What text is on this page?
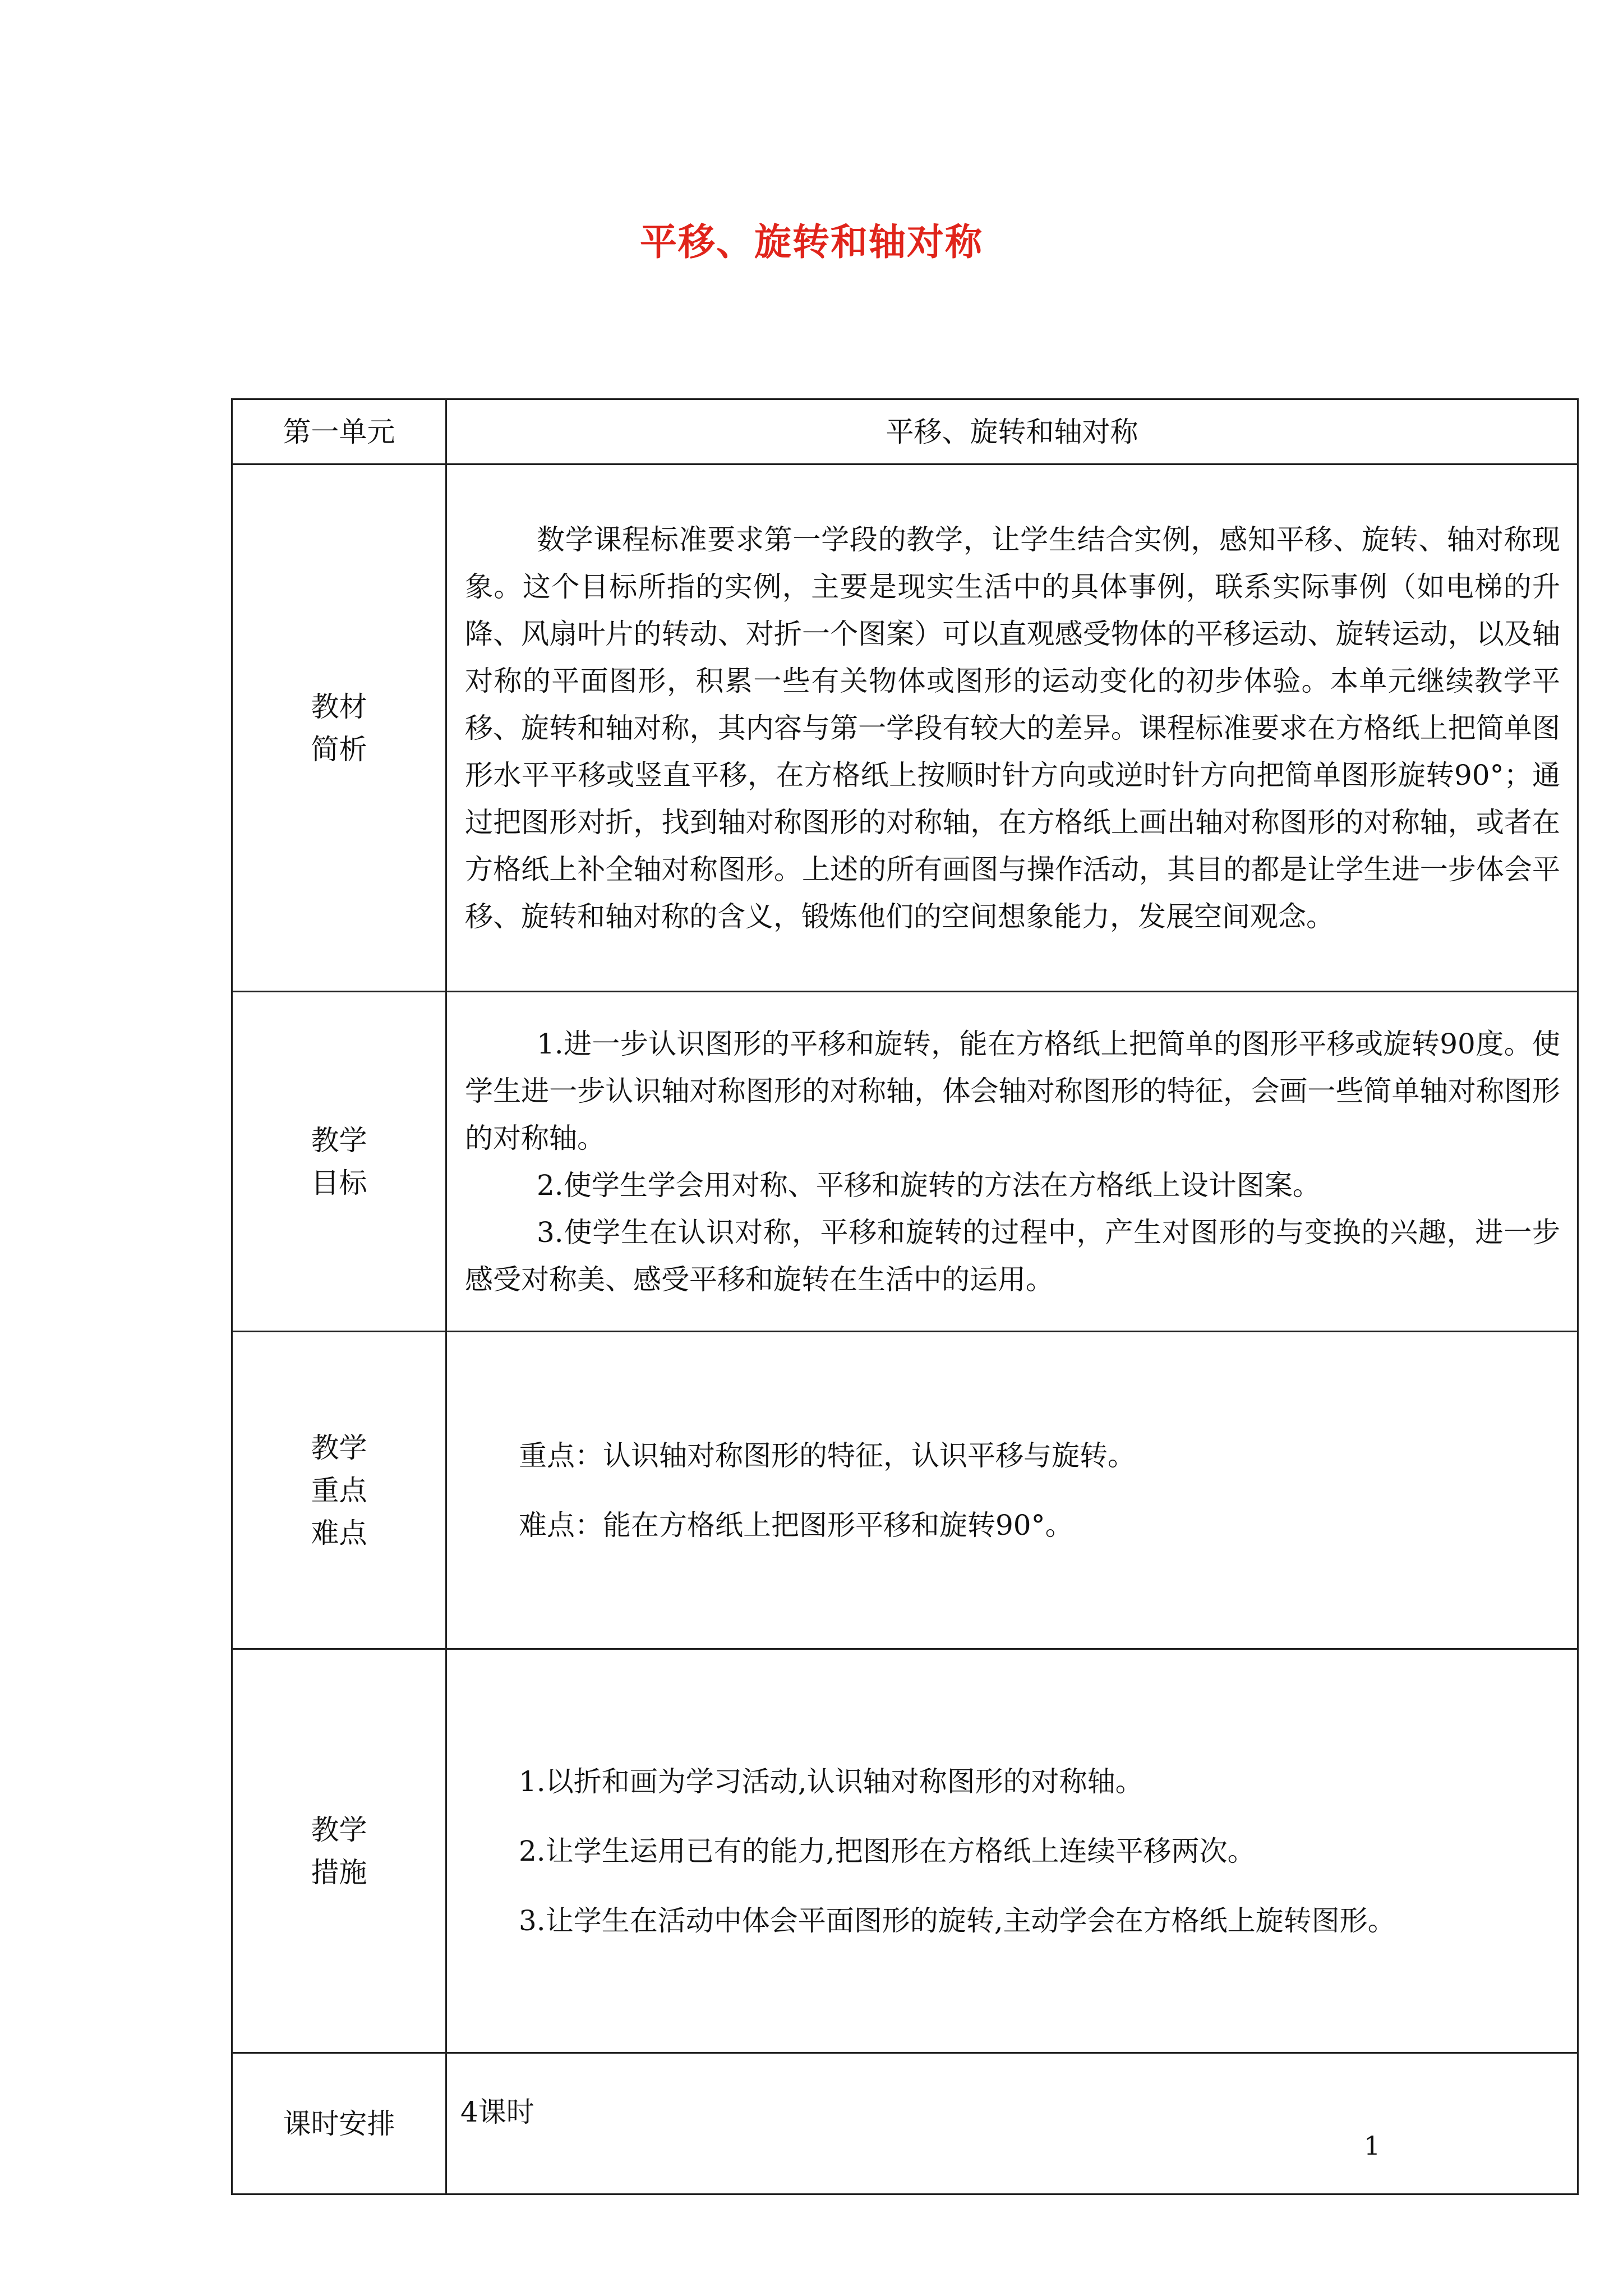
平移、旋转和轴对称
第一单元	平移、旋转和轴对称

教材简析	数学课程标准要求第一学段的教学，让学生结合实例，感知平移、旋转、轴对称现象。这个目标所指的实例，主要是现实生活中的具体事例，联系实际事例（如电梯的升降、风扇叶片的转动、对折一个图案）可以直观感受物体的平移运动、旋转运动，以及轴对称的平面图形，积累一些有关物体或图形的运动变化的初步体验。本单元继续教学平移、旋转和轴对称，其内容与第一学段有较大的差异。课程标准要求在方格纸上把简单图形水平平移或竖直平移，在方格纸上按顺时针方向或逆时针方向把简单图形旋转90°；通过把图形对折，找到轴对称图形的对称轴，在方格纸上画出轴对称图形的对称轴，或者在方格纸上补全轴对称图形。上述的所有画图与操作活动，其目的都是让学生进一步体会平移、旋转和轴对称的含义，锻炼他们的空间想象能力，发展空间观念。

教学目标	1.进一步认识图形的平移和旋转，能在方格纸上把简单的图形平移或旋转90度。使学生进一步认识轴对称图形的对称轴，体会轴对称图形的特征，会画一些简单轴对称图形的对称轴。

2.使学生学会用对称、平移和旋转的方法在方格纸上设计图案。

3.使学生在认识对称，平移和旋转的过程中，产生对图形的与变换的兴趣，进一步感受对称美、感受平移和旋转在生活中的运用。

教学重点难点	重点：认识轴对称图形的特征，认识平移与旋转。

难点：能在方格纸上把图形平移和旋转90°。

教学措施	1.以折和画为学习活动,认识轴对称图形的对称轴。

2.让学生运用已有的能力,把图形在方格纸上连续平移两次。

3.让学生在活动中体会平面图形的旋转,主动学会在方格纸上旋转图形。

课时安排	4课时
1
